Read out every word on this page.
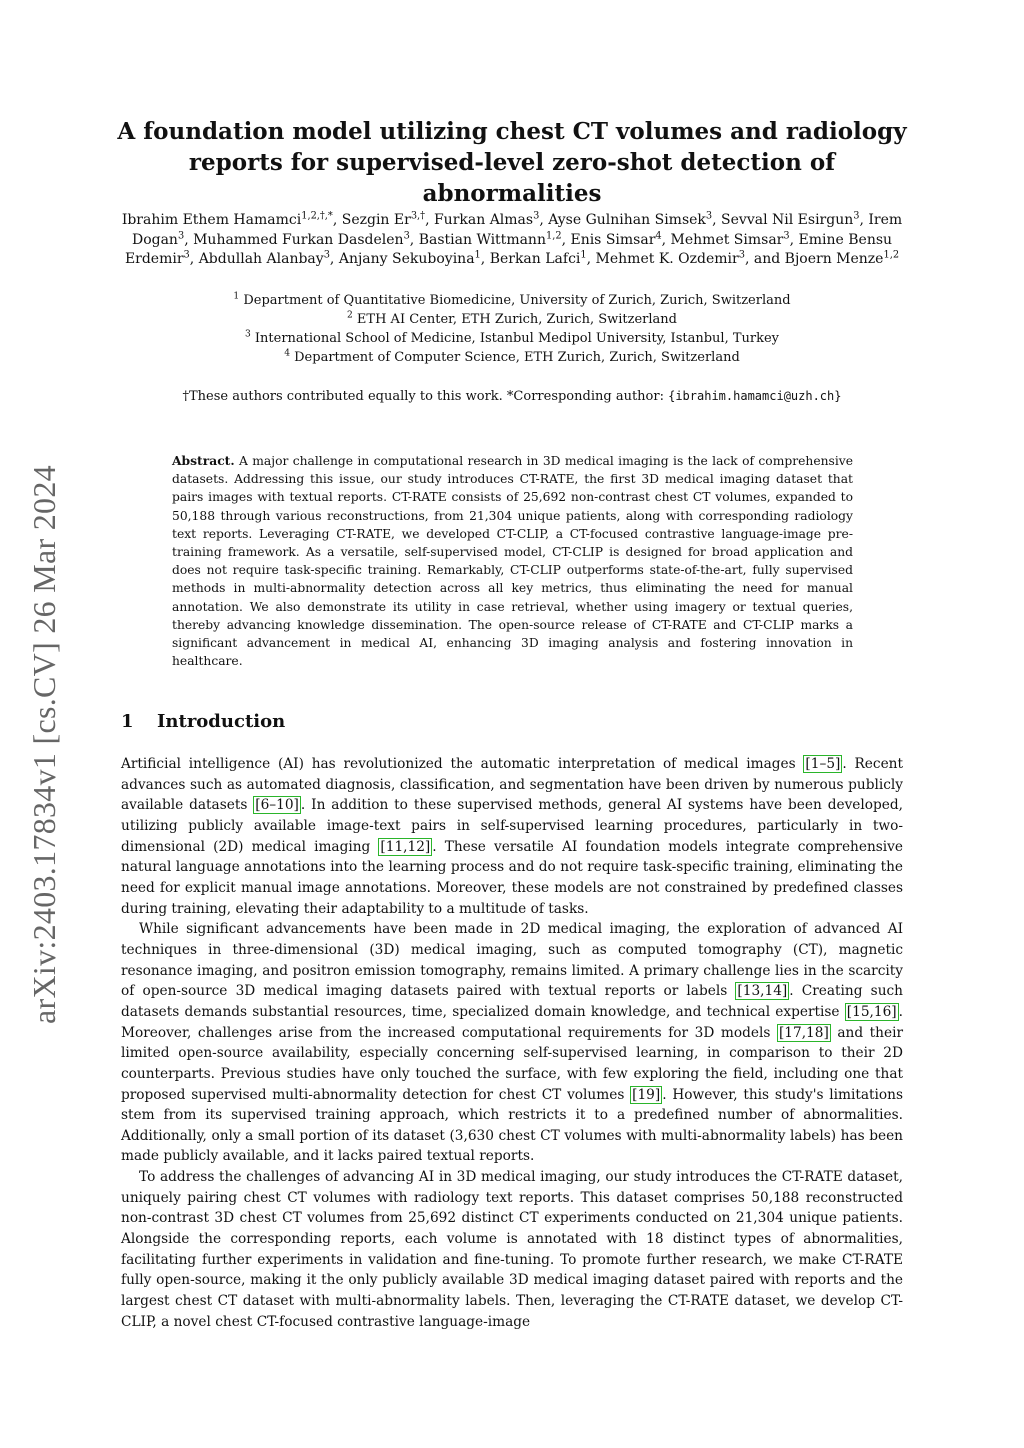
arXiv:2403.17834v1 [cs.CV] 26 Mar 2024
A foundation model utilizing chest CT volumes and radiology reports for supervised-level zero-shot detection of abnormalities
Ibrahim Ethem Hamamci$^{1,2,\dagger,*}$, Sezgin $Er^{3,\dagger}$, Furkan Almas$^3$, Ayse Gulnihan Simsek$^3$, Sevval Nil Esirgun$^3$, Irem Dogan$^3$, Muhammed Furkan Dasdelen$^3$, Bastian Wittmann$^{1,2}$, Enis Simsar$^4$, Mehmet Simsar$^3$, Emine Bensu Erdemir$^3$, Abdullah Alanbay$^3$, Anjany Sekuboyina$^1$, Berkan Lafci$^1$, Mehmet K. Ozdemir$^3$, and Bjoern Menze$^{1,2}$
$^1$ Department of Quantitative Biomedicine, University of Zurich, Zurich, Switzerland
$^2$ ETH AI Center, ETH Zurich, Zurich, Switzerland
$^3$ International School of Medicine, Istanbul Medipol University, Istanbul, Turkey
$^4$ Department of Computer Science, ETH Zurich, Zurich, Switzerland
†These authors contributed equally to this work. *Corresponding author: {ibrahim.hamamci@uzh.ch}
Abstract. A major challenge in computational research in 3D medical imaging is the lack of comprehensive datasets. Addressing this issue, our study introduces CT-RATE, the first 3D medical imaging dataset that pairs images with textual reports. CT-RATE consists of 25,692 non-contrast chest CT volumes, expanded to 50,188 through various reconstructions, from 21,304 unique patients, along with corresponding radiology text reports. Leveraging CT-RATE, we developed CT-CLIP, a CT-focused contrastive language-image pre-training framework. As a versatile, self-supervised model, CT-CLIP is designed for broad application and does not require task-specific training. Remarkably, CT-CLIP outperforms state-of-the-art, fully supervised methods in multi-abnormality detection across all key metrics, thus eliminating the need for manual annotation. We also demonstrate its utility in case retrieval, whether using imagery or textual queries, thereby advancing knowledge dissemination. The open-source release of CT-RATE and CT-CLIP marks a significant advancement in medical AI, enhancing 3D imaging analysis and fostering innovation in healthcare.
1	Introduction

Artificial intelligence (AI) has revolutionized the automatic interpretation of medical images [1–5] . Recent advances such as automated diagnosis, classification, and segmentation have been driven by numerous publicly available datasets [6–10] . In addition to these supervised methods, general AI systems have been developed, utilizing publicly available image-text pairs in self-supervised learning procedures, particularly in two-dimensional (2D) medical imaging [11,12] . These versatile AI foundation models integrate comprehensive natural language annotations into the learning process and do not require task-specific training, eliminating the need for explicit manual image annotations. Moreover, these models are not constrained by predefined classes during training, elevating their adaptability to a multitude of tasks.

While significant advancements have been made in 2D medical imaging, the exploration of advanced AI techniques in three-dimensional (3D) medical imaging, such as computed tomography (CT), magnetic resonance imaging, and positron emission tomography, remains limited. A primary challenge lies in the scarcity of open-source 3D medical imaging datasets paired with textual reports or labels [13,14] . Creating such datasets demands substantial resources, time, specialized domain knowledge, and technical expertise [15,16] . Moreover, challenges arise from the increased computational requirements for 3D models [17,18] and their limited open-source availability, especially concerning self-supervised learning, in comparison to their 2D counterparts. Previous studies have only touched the surface, with few exploring the field, including one that proposed supervised multi-abnormality detection for chest CT volumes [19] . However, this study's limitations stem from its supervised training approach, which restricts it to a predefined number of abnormalities. Additionally, only a small portion of its dataset (3,630 chest CT volumes with multi-abnormality labels) has been made publicly available, and it lacks paired textual reports.

To address the challenges of advancing AI in 3D medical imaging, our study introduces the CT-RATE dataset, uniquely pairing chest CT volumes with radiology text reports. This dataset comprises 50,188 reconstructed non-contrast 3D chest CT volumes from 25,692 distinct CT experiments conducted on 21,304 unique patients. Alongside the corresponding reports, each volume is annotated with 18 distinct types of abnormalities, facilitating further experiments in validation and fine-tuning. To promote further research, we make CT-RATE fully open-source, making it the only publicly available 3D medical imaging dataset paired with reports and the largest chest CT dataset with multi-abnormality labels. Then, leveraging the CT-RATE dataset, we develop CT-CLIP, a novel chest CT-focused contrastive language-image
